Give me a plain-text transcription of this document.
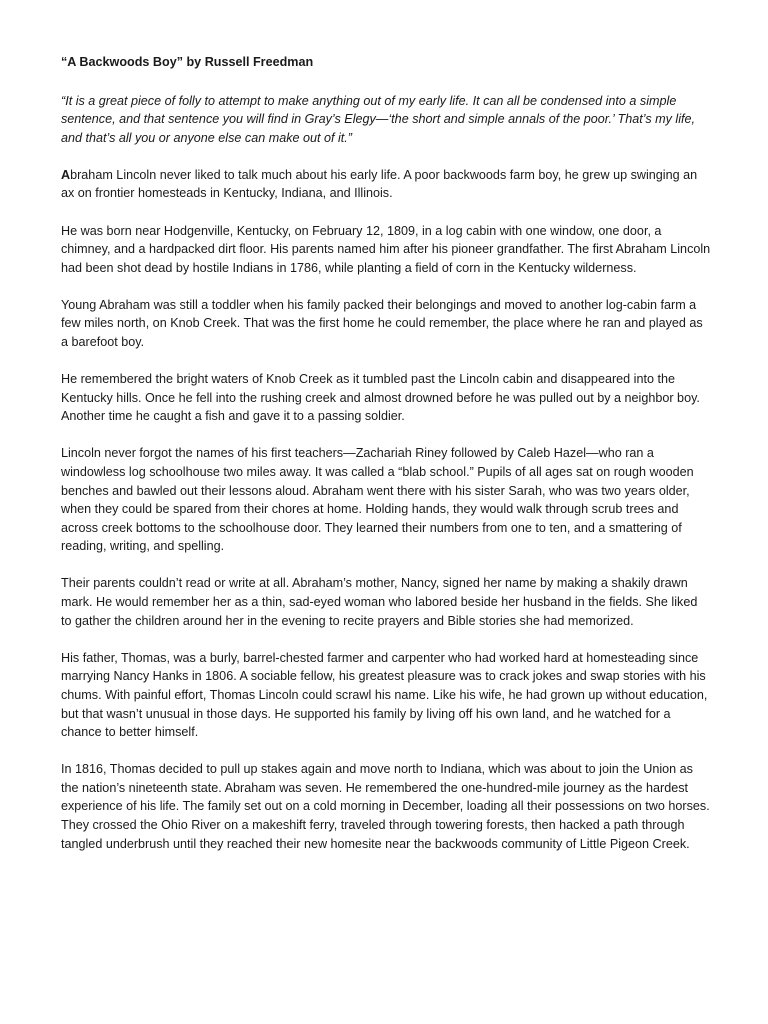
“A Backwoods Boy” by Russell Freedman

“It is a great piece of folly to attempt to make anything out of my early life. It can all be condensed into a simple sentence, and that sentence you will find in Gray’s Elegy—‘the short and simple annals of the poor.’ That’s my life, and that’s all you or anyone else can make out of it.”

Abraham Lincoln never liked to talk much about his early life. A poor backwoods farm boy, he grew up swinging an ax on frontier homesteads in Kentucky, Indiana, and Illinois.

He was born near Hodgenville, Kentucky, on February 12, 1809, in a log cabin with one window, one door, a chimney, and a hardpacked dirt floor. His parents named him after his pioneer grandfather. The first Abraham Lincoln had been shot dead by hostile Indians in 1786, while planting a field of corn in the Kentucky wilderness.

Young Abraham was still a toddler when his family packed their belongings and moved to another log-cabin farm a few miles north, on Knob Creek. That was the first home he could remember, the place where he ran and played as a barefoot boy.

He remembered the bright waters of Knob Creek as it tumbled past the Lincoln cabin and disappeared into the Kentucky hills. Once he fell into the rushing creek and almost drowned before he was pulled out by a neighbor boy. Another time he caught a fish and gave it to a passing soldier.

Lincoln never forgot the names of his first teachers—Zachariah Riney followed by Caleb Hazel—who ran a windowless log schoolhouse two miles away. It was called a “blab school.” Pupils of all ages sat on rough wooden benches and bawled out their lessons aloud. Abraham went there with his sister Sarah, who was two years older, when they could be spared from their chores at home. Holding hands, they would walk through scrub trees and across creek bottoms to the schoolhouse door. They learned their numbers from one to ten, and a smattering of reading, writing, and spelling.

Their parents couldn’t read or write at all. Abraham’s mother, Nancy, signed her name by making a shakily drawn mark. He would remember her as a thin, sad-eyed woman who labored beside her husband in the fields. She liked to gather the children around her in the evening to recite prayers and Bible stories she had memorized.

His father, Thomas, was a burly, barrel-chested farmer and carpenter who had worked hard at homesteading since marrying Nancy Hanks in 1806. A sociable fellow, his greatest pleasure was to crack jokes and swap stories with his chums. With painful effort, Thomas Lincoln could scrawl his name. Like his wife, he had grown up without education, but that wasn’t unusual in those days. He supported his family by living off his own land, and he watched for a chance to better himself.

In 1816, Thomas decided to pull up stakes again and move north to Indiana, which was about to join the Union as the nation’s nineteenth state. Abraham was seven. He remembered the one-hundred-mile journey as the hardest experience of his life. The family set out on a cold morning in December, loading all their possessions on two horses. They crossed the Ohio River on a makeshift ferry, traveled through towering forests, then hacked a path through tangled underbrush until they reached their new homesite near the backwoods community of Little Pigeon Creek.
